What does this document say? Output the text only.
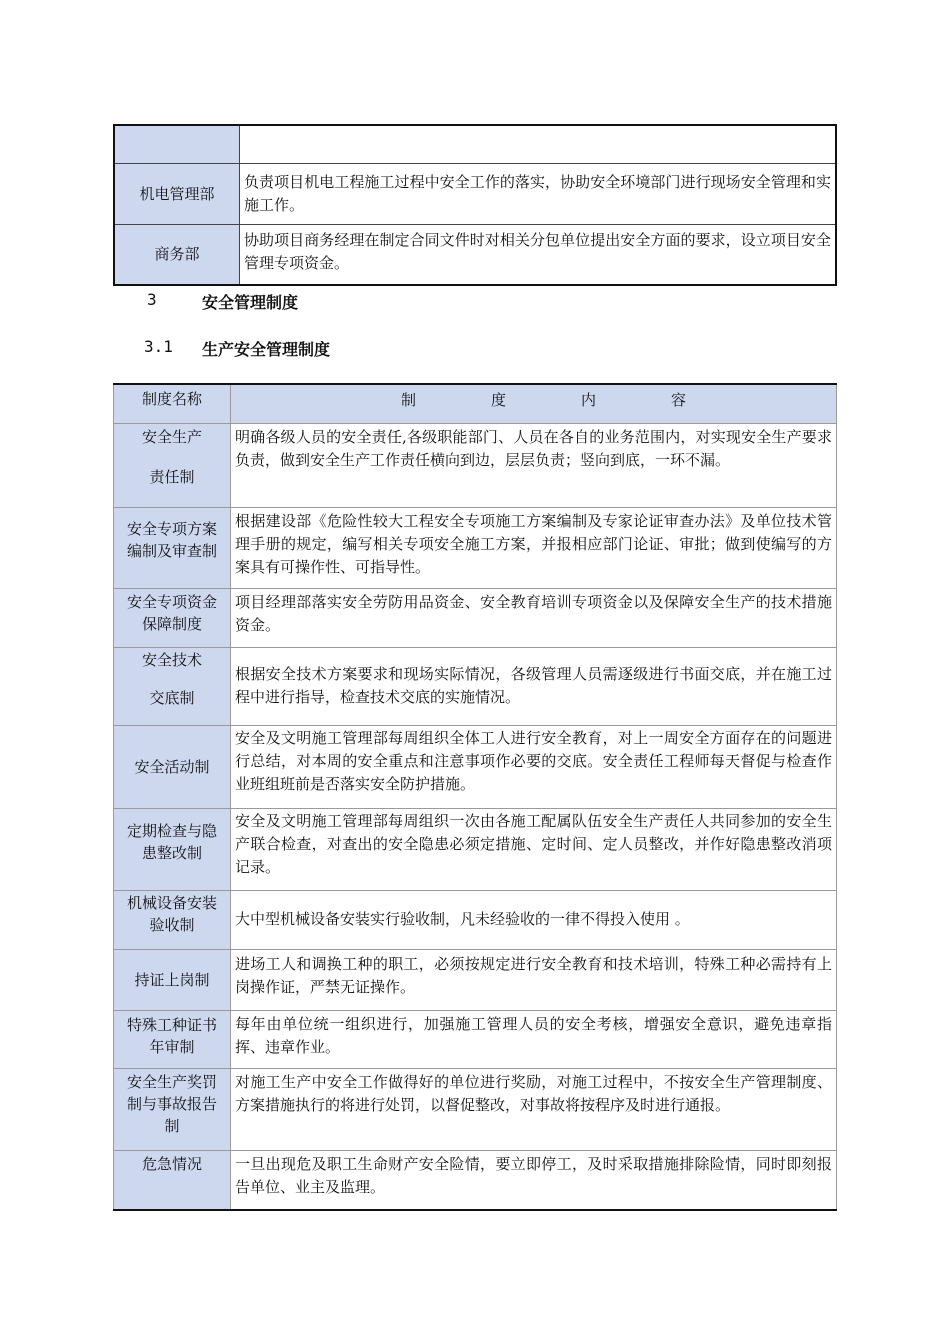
机电管理部	负责项目机电工程施工过程中安全工作的落实，协助安全环境部门进行现场安全管理和实施工作。
商务部	协助项目商务经理在制定合同文件时对相关分包单位提出安全方面的要求，设立项目安全管理专项资金。
3	安全管理制度
3.1 生产安全管理制度
制度名称	制 度 内 容

安全生产
责任制	明确各级人员的安全责任,各级职能部门、人员在各自的业务范围内，对实现安全生产要求负责，做到安全生产工作责任横向到边，层层负责；竖向到底，一环不漏。

安全专项方案
编制及审查制	根据建设部《危险性较大工程安全专项施工方案编制及专家论证审查办法》及单位技术管理手册的规定，编写相关专项安全施工方案，并报相应部门论证、审批；做到使编写的方案具有可操作性、可指导性。

安全专项资金
保障制度	项目经理部落实安全劳防用品资金、安全教育培训专项资金以及保障安全生产的技术措施资金。

安全技术
交底制	根据安全技术方案要求和现场实际情况，各级管理人员需逐级进行书面交底，并在施工过程中进行指导，检查技术交底的实施情况。

安全活动制	安全及文明施工管理部每周组织全体工人进行安全教育，对上一周安全方面存在的问题进行总结，对本周的安全重点和注意事项作必要的交底。安全责任工程师每天督促与检查作业班组班前是否落实安全防护措施。

定期检查与隐
患整改制	安全及文明施工管理部每周组织一次由各施工配属队伍安全生产责任人共同参加的安全生产联合检查，对查出的安全隐患必须定措施、定时间、定人员整改，并作好隐患整改消项记录。

机械设备安装
验收制	大中型机械设备安装实行验收制，凡未经验收的一律不得投入使用 。

持证上岗制	进场工人和调换工种的职工，必须按规定进行安全教育和技术培训，特殊工种必需持有上岗操作证，严禁无证操作。

特殊工种证书
年审制	每年由单位统一组织进行，加强施工管理人员的安全考核，增强安全意识，避免违章指挥、违章作业。

安全生产奖罚
制与事故报告
制	对施工生产中安全工作做得好的单位进行奖励，对施工过程中，不按安全生产管理制度、方案措施执行的将进行处罚，以督促整改，对事故将按程序及时进行通报。

危急情况	一旦出现危及职工生命财产安全险情，要立即停工，及时采取措施排除险情，同时即刻报告单位、业主及监理。
